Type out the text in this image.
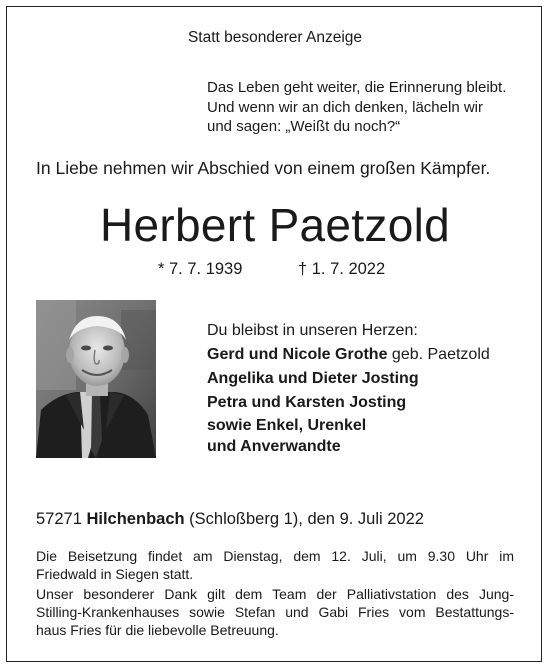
Statt besonderer Anzeige
Das Leben geht weiter, die Erinnerung bleibt.
Und wenn wir an dich denken, lächeln wir
und sagen: „Weißt du noch?“
In Liebe nehmen wir Abschied von einem großen Kämpfer.
Herbert Paetzold
* 7. 7. 1939	† 1. 7. 2022
Du bleibst in unseren Herzen:
Gerd und Nicole Grothe geb. Paetzold
Angelika und Dieter Josting
Petra und Karsten Josting
sowie Enkel, Urenkel
und Anverwandte
57271 Hilchenbach (Schloßberg 1), den 9. Juli 2022
Die Beisetzung findet am Dienstag, dem 12. Juli, um 9.30 Uhr im
Friedwald in Siegen statt.
Unser besonderer Dank gilt dem Team der Palliativstation des Jung-
Stilling-Krankenhauses sowie Stefan und Gabi Fries vom Bestattungs-
haus Fries für die liebevolle Betreuung.
